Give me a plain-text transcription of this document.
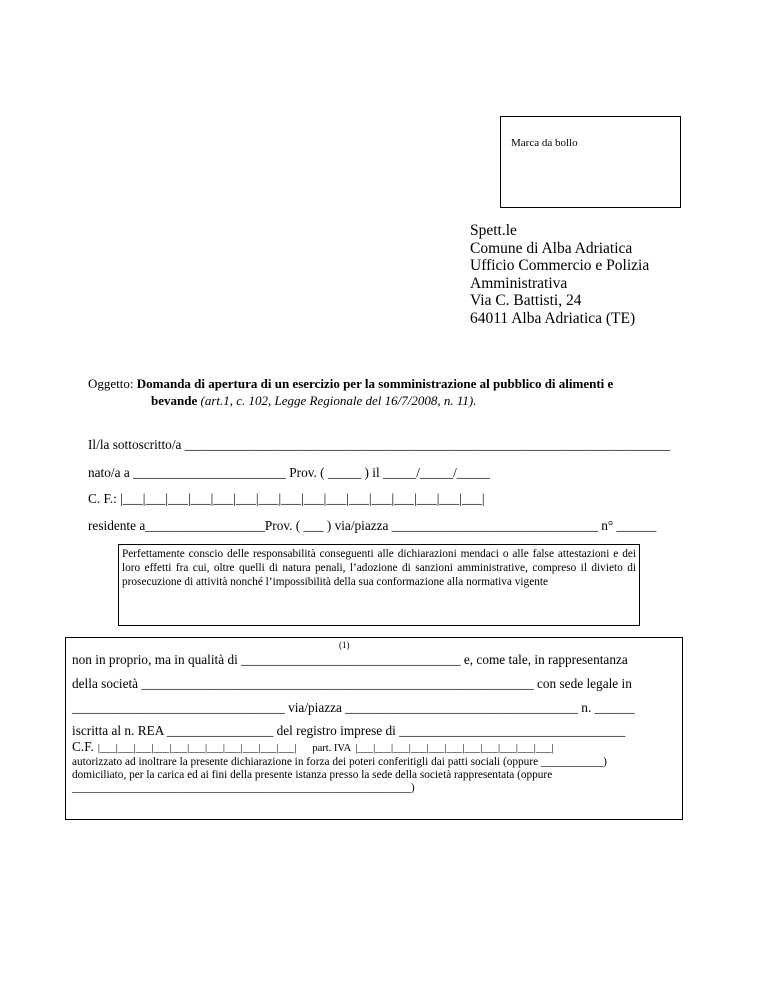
Marca da bollo
Spett.le
Comune di Alba Adriatica
Ufficio Commercio e Polizia
Amministrativa
Via C. Battisti, 24
64011 Alba Adriatica (TE)
Oggetto: Domanda di apertura di un esercizio per la somministrazione al pubblico di alimenti e
bevande (art.1, c. 102, Legge Regionale del 16/7/2008, n. 11).
Il/la sottoscritto/a _________________________________________________________________________
nato/a a _______________________ Prov. ( _____ ) il _____/_____/_____
C. F.: |___|___|___|___|___|___|___|___|___|___|___|___|___|___|___|___|
residente a__________________Prov. ( ___ ) via/piazza _______________________________ n° ______
Perfettamente conscio delle responsabilità conseguenti alle dichiarazioni mendaci o alle false attestazioni e dei loro effetti fra cui, oltre quelli di natura penali, l’adozione di sanzioni amministrative, compreso il divieto di prosecuzione di attività nonché l’impossibilità della sua conformazione alla normativa vigente
(1)
non in proprio, ma in qualità di _________________________________ e, come tale, in rappresentanza
della società ___________________________________________________________ con sede legale in
________________________________ via/piazza ___________________________________ n. ______
iscritta al n. REA ________________ del registro imprese di __________________________________
C.F. |___|___|___|___|___|___|___|___|___|___|___| part. IVA |___|___|___|___|___|___|___|___|___|___|___|
autorizzato ad inoltrare la presente dichiarazione in forza dei poteri conferitigli dai patti sociali (oppure ___________)
domiciliato, per la carica ed ai fini della presente istanza presso la sede della società rappresentata (oppure
____________________________________________________________)
